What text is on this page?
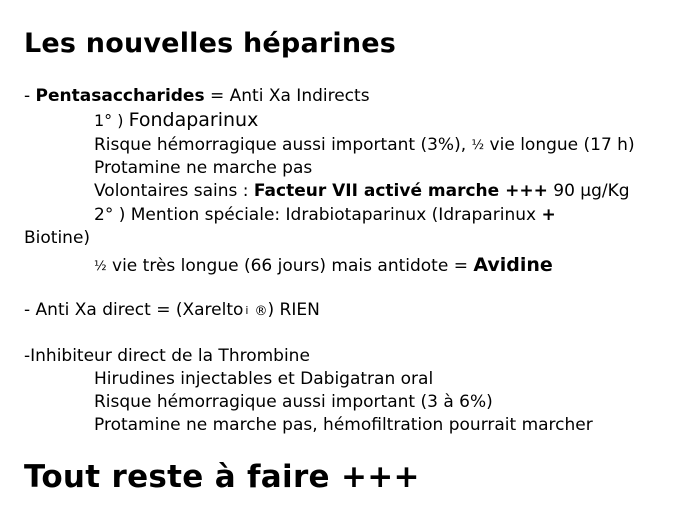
Les nouvelles héparines
- Pentasaccharides = Anti Xa Indirects
1° ) Fondaparinux
Risque hémorragique aussi important (3%), ½ vie longue (17 h)
Protamine ne marche pas
Volontaires sains : Facteur VII activé marche +++ 90 µg/Kg
2° ) Mention spéciale: Idrabiotaparinux (Idraparinux +
Biotine)
½ vie très longue (66 jours) mais antidote = Avidine
- Anti Xa direct = (Xarelto ⅰ ®) RIEN
-Inhibiteur direct de la Thrombine
Hirudines injectables et Dabigatran oral
Risque hémorragique aussi important (3 à 6%)
Protamine ne marche pas, hémofiltration pourrait marcher
Tout reste à faire +++
